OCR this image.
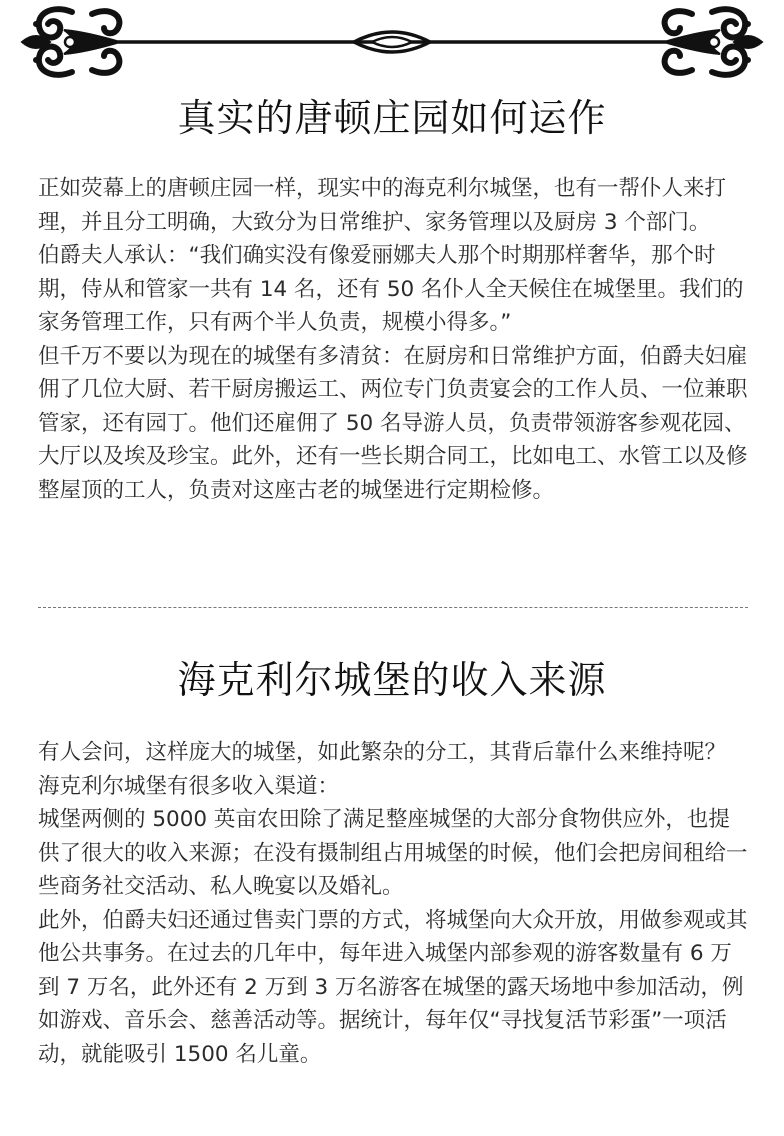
真实的唐顿庄园如何运作

正如荧幕上的唐顿庄园一样，现实中的海克利尔城堡，也有一帮仆人来打理，并且分工明确，大致分为日常维护、家务管理以及厨房 3 个部门。

伯爵夫人承认：“我们确实没有像爱丽娜夫人那个时期那样奢华，那个时期，侍从和管家一共有 14 名，还有 50 名仆人全天候住在城堡里。我们的家务管理工作，只有两个半人负责，规模小得多。”

但千万不要以为现在的城堡有多清贫：在厨房和日常维护方面，伯爵夫妇雇佣了几位大厨、若干厨房搬运工、两位专门负责宴会的工作人员、一位兼职管家，还有园丁。他们还雇佣了 50 名导游人员，负责带领游客参观花园、大厅以及埃及珍宝。此外，还有一些长期合同工，比如电工、水管工以及修整屋顶的工人，负责对这座古老的城堡进行定期检修。

海克利尔城堡的收入来源

有人会问，这样庞大的城堡，如此繁杂的分工，其背后靠什么来维持呢？

海克利尔城堡有很多收入渠道：

城堡两侧的 5000 英亩农田除了满足整座城堡的大部分食物供应外，也提供了很大的收入来源；在没有摄制组占用城堡的时候，他们会把房间租给一些商务社交活动、私人晚宴以及婚礼。

此外，伯爵夫妇还通过售卖门票的方式，将城堡向大众开放，用做参观或其他公共事务。在过去的几年中，每年进入城堡内部参观的游客数量有 6 万到 7 万名，此外还有 2 万到 3 万名游客在城堡的露天场地中参加活动，例如游戏、音乐会、慈善活动等。据统计，每年仅“寻找复活节彩蛋”一项活动，就能吸引 1500 名儿童。
